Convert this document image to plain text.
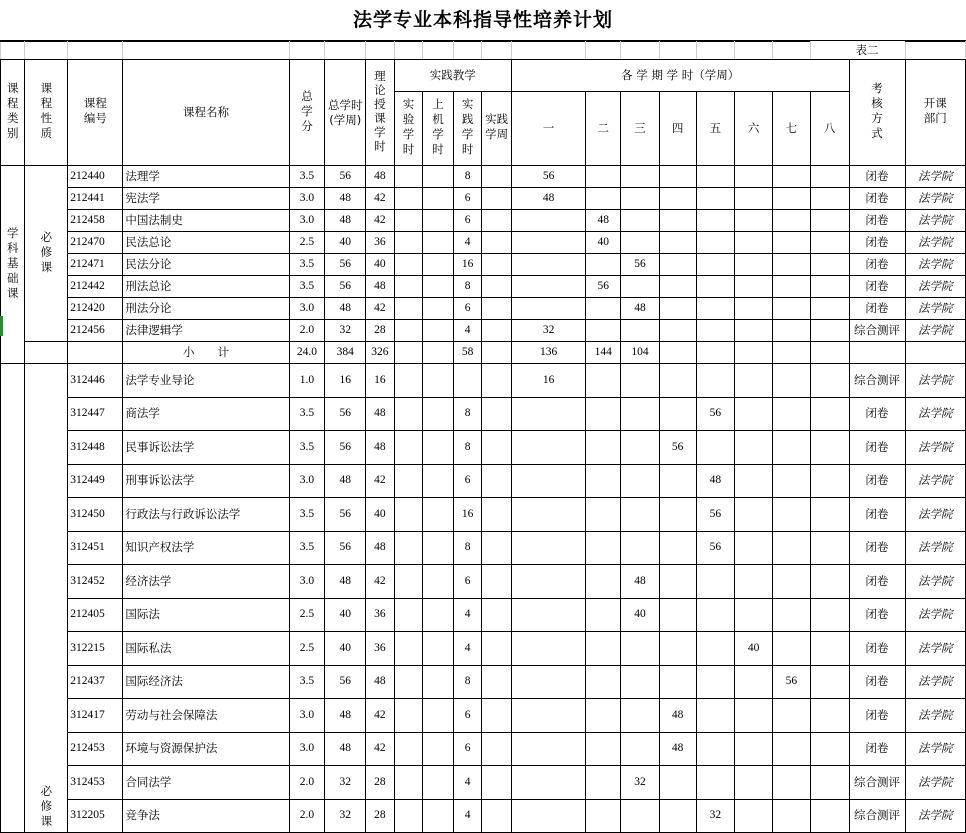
法学专业本科指导性培养计划
																		表二		
课程类别	课程性质	课程编号	课程名称	总学分	总学时(学周)	理论授课学时	实践教学				各 学 期 学 时（学周）								考核方式	开课部门
							实验学时	上机学时	实践学时	实践学周	一	二	三	四	五	六	七	八		
学科基础课	必修课	212440	法理学	3.5	56	48			8		56								闭卷	法学院
		212441	宪法学	3.0	48	42			6		48								闭卷	法学院
		212458	中国法制史	3.0	48	42			6			48							闭卷	法学院
		212470	民法总论	2.5	40	36			4			40							闭卷	法学院
		212471	民法分论	3.5	56	40			16				56						闭卷	法学院
		212442	刑法总论	3.5	56	48			8			56							闭卷	法学院
		212420	刑法分论	3.0	48	42			6				48						闭卷	法学院
		212456	法律逻辑学	2.0	32	28			4		32								综合测评	法学院
			小　　计	24.0	384	326			58		136	144	104							
	必修课	312446	法学专业导论	1.0	16	16					16								综合测评	法学院
		312447	商法学	3.5	56	48			8						56				闭卷	法学院
		312448	民事诉讼法学	3.5	56	48			8					56					闭卷	法学院
		312449	刑事诉讼法学	3.0	48	42			6						48				闭卷	法学院
		312450	行政法与行政诉讼法学	3.5	56	40			16						56				闭卷	法学院
		312451	知识产权法学	3.5	56	48			8						56				闭卷	法学院
		312452	经济法学	3.0	48	42			6				48						闭卷	法学院
		212405	国际法	2.5	40	36			4				40						闭卷	法学院
		312215	国际私法	2.5	40	36			4							40			闭卷	法学院
		212437	国际经济法	3.5	56	48			8								56		闭卷	法学院
		312417	劳动与社会保障法	3.0	48	42			6					48					闭卷	法学院
		212453	环境与资源保护法	3.0	48	42			6					48					闭卷	法学院
		312453	合同法学	2.0	32	28			4				32						综合测评	法学院
		312205	竞争法	2.0	32	28			4						32				综合测评	法学院
